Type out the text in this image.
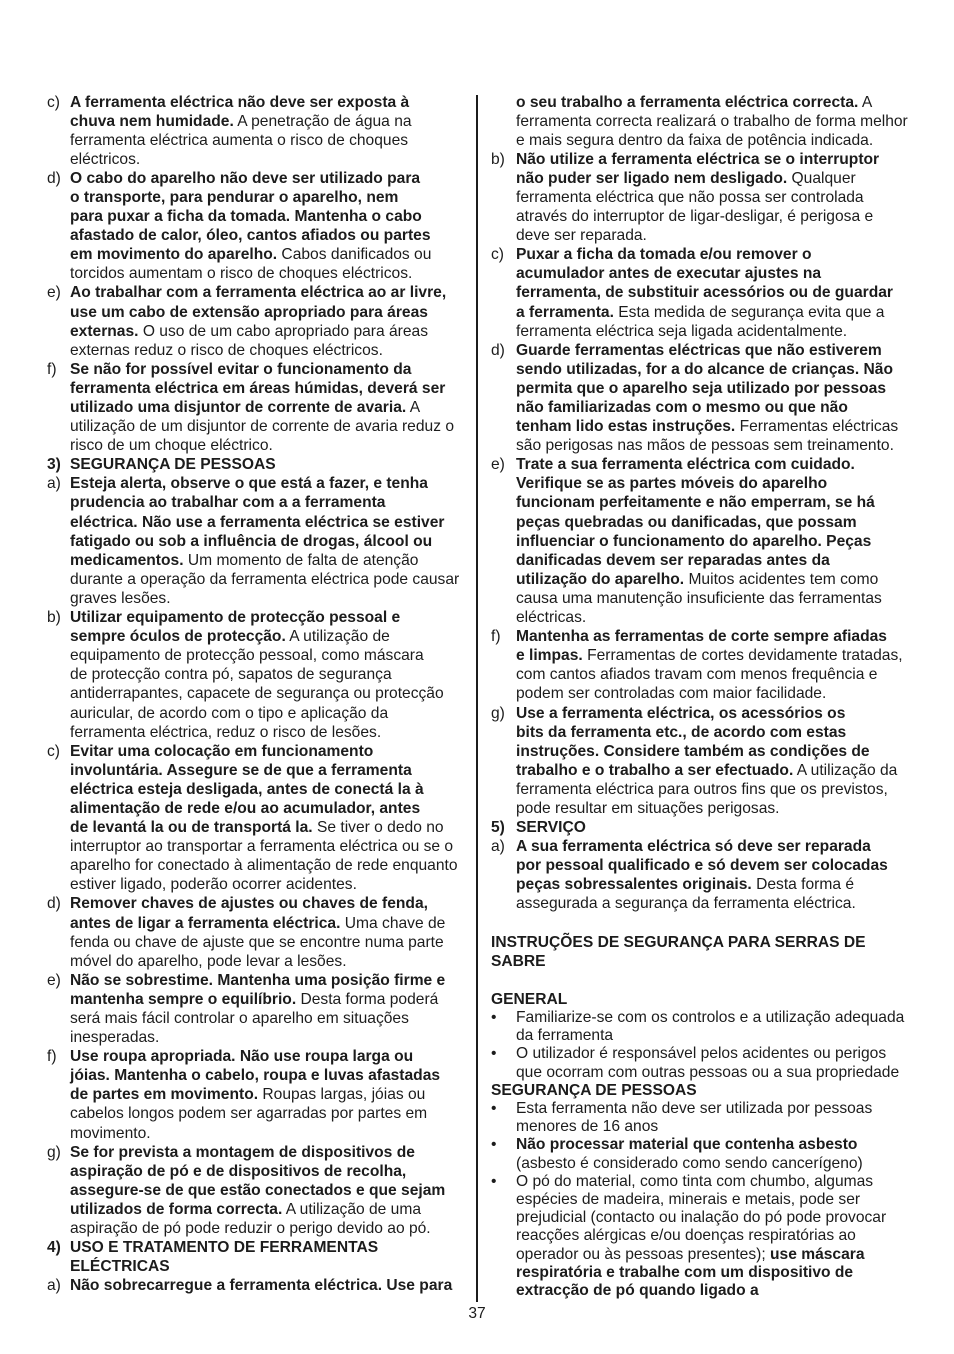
c) A ferramenta eléctrica não deve ser exposta à
chuva nem humidade. A penetração de água na
ferramenta eléctrica aumenta o risco de choques
eléctricos.
d) O cabo do aparelho não deve ser utilizado para
o transporte, para pendurar o aparelho, nem
para puxar a ficha da tomada. Mantenha o cabo
afastado de calor, óleo, cantos afiados ou partes
em movimento do aparelho. Cabos danificados ou
torcidos aumentam o risco de choques eléctricos.
e) Ao trabalhar com a ferramenta eléctrica ao ar livre,
use um cabo de extensão apropriado para áreas
externas. O uso de um cabo apropriado para áreas
externas reduz o risco de choques eléctricos.
f) Se não for possível evitar o funcionamento da
ferramenta eléctrica em áreas húmidas, deverá ser
utilizado uma disjuntor de corrente de avaria. A
utilização de um disjuntor de corrente de avaria reduz o
risco de um choque eléctrico.
3) SEGURANÇA DE PESSOAS
a) Esteja alerta, observe o que está a fazer, e tenha
prudencia ao trabalhar com a a ferramenta
eléctrica. Não use a ferramenta eléctrica se estiver
fatigado ou sob a influência de drogas, álcool ou
medicamentos. Um momento de falta de atenção
durante a operação da ferramenta eléctrica pode causar
graves lesões.
b) Utilizar equipamento de protecção pessoal e
sempre óculos de protecção. A utilização de
equipamento de protecção pessoal, como máscara
de protecção contra pó, sapatos de segurança
antiderrapantes, capacete de segurança ou protecção
auricular, de acordo com o tipo e aplicação da
ferramenta eléctrica, reduz o risco de lesões.
c) Evitar uma colocação em funcionamento
involuntária. Assegure se de que a ferramenta
eléctrica esteja desligada, antes de conectá la à
alimentação de rede e/ou ao acumulador, antes
de levantá la ou de transportá la. Se tiver o dedo no
interruptor ao transportar a ferramenta eléctrica ou se o
aparelho for conectado à alimentação de rede enquanto
estiver ligado, poderão ocorrer acidentes.
d) Remover chaves de ajustes ou chaves de fenda,
antes de ligar a ferramenta eléctrica. Uma chave de
fenda ou chave de ajuste que se encontre numa parte
móvel do aparelho, pode levar a lesões.
e) Não se sobrestime. Mantenha uma posição firme e
mantenha sempre o equilíbrio. Desta forma poderá
será mais fácil controlar o aparelho em situações
inesperadas.
f) Use roupa apropriada. Não use roupa larga ou
jóias. Mantenha o cabelo, roupa e luvas afastadas
de partes em movimento. Roupas largas, jóias ou
cabelos longos podem ser agarradas por partes em
movimento.
g) Se for prevista a montagem de dispositivos de
aspiração de pó e de dispositivos de recolha,
assegure-se de que estão conectados e que sejam
utilizados de forma correcta. A utilização de uma
aspiração de pó pode reduzir o perigo devido ao pó.
4) USO E TRATAMENTO DE FERRAMENTAS
ELÉCTRICAS
a) Não sobrecarregue a ferramenta eléctrica. Use para
o seu trabalho a ferramenta eléctrica correcta. A
ferramenta correcta realizará o trabalho de forma melhor
e mais segura dentro da faixa de potência indicada.
b) Não utilize a ferramenta eléctrica se o interruptor
não puder ser ligado nem desligado. Qualquer
ferramenta eléctrica que não possa ser controlada
através do interruptor de ligar-desligar, é perigosa e
deve ser reparada.
c) Puxar a ficha da tomada e/ou remover o
acumulador antes de executar ajustes na
ferramenta, de substituir acessórios ou de guardar
a ferramenta. Esta medida de segurança evita que a
ferramenta eléctrica seja ligada acidentalmente.
d) Guarde ferramentas eléctricas que não estiverem
sendo utilizadas, for a do alcance de crianças. Não
permita que o aparelho seja utilizado por pessoas
não familiarizadas com o mesmo ou que não
tenham lido estas instruções. Ferramentas eléctricas
são perigosas nas mãos de pessoas sem treinamento.
e) Trate a sua ferramenta eléctrica com cuidado.
Verifique se as partes móveis do aparelho
funcionam perfeitamente e não emperram, se há
peças quebradas ou danificadas, que possam
influenciar o funcionamento do aparelho. Peças
danificadas devem ser reparadas antes da
utilização do aparelho. Muitos acidentes tem como
causa uma manutenção insuficiente das ferramentas
eléctricas.
f) Mantenha as ferramentas de corte sempre afiadas
e limpas. Ferramentas de cortes devidamente tratadas,
com cantos afiados travam com menos frequência e
podem ser controladas com maior facilidade.
g) Use a ferramenta eléctrica, os acessórios os
bits da ferramenta etc., de acordo com estas
instruções. Considere também as condições de
trabalho e o trabalho a ser efectuado. A utilização da
ferramenta eléctrica para outros fins que os previstos,
pode resultar em situações perigosas.
5) SERVIÇO
a) A sua ferramenta eléctrica só deve ser reparada
por pessoal qualificado e só devem ser colocadas
peças sobressalentes originais. Desta forma é
assegurada a segurança da ferramenta eléctrica.
INSTRUÇÕES DE SEGURANÇA PARA SERRAS DE
SABRE
GENERAL
•	Familiarize-se com os controlos e a utilização adequada
da ferramenta
•	O utilizador é responsável pelos acidentes ou perigos
que ocorram com outras pessoas ou a sua propriedade
SEGURANÇA DE PESSOAS
•	Esta ferramenta não deve ser utilizada por pessoas
menores de 16 anos
•	Não processar material que contenha asbesto
(asbesto é considerado como sendo cancerígeno)
•	O pó do material, como tinta com chumbo, algumas
espécies de madeira, minerais e metais, pode ser
prejudicial (contacto ou inalação do pó pode provocar
reacções alérgicas e/ou doenças respiratórias ao
operador ou às pessoas presentes); use máscara
respiratória e trabalhe com um dispositivo de
extracção de pó quando ligado a
37
